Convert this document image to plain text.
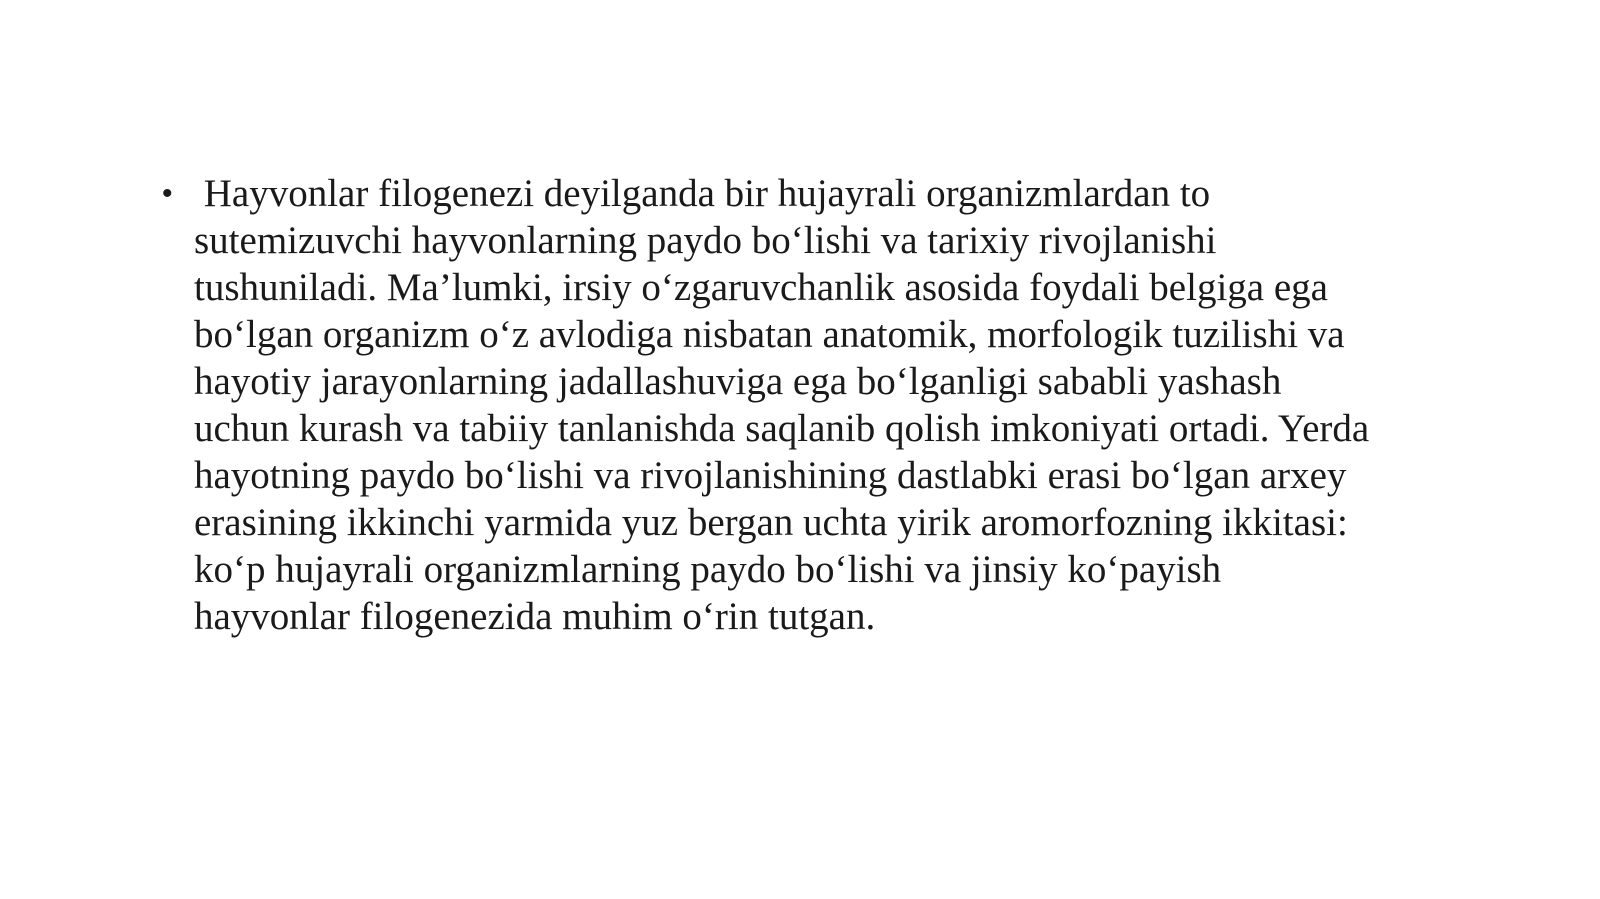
• Hayvonlar filogenezi deyilganda bir hujayrali organizmlardan to
sutemizuvchi hayvonlarning paydo bo‘lishi va tarixiy rivojlanishi
tushuniladi. Ma’lumki, irsiy o‘zgaruvchanlik asosida foydali belgiga ega
bo‘lgan organizm o‘z avlodiga nisbatan anatomik, morfologik tuzilishi va
hayotiy jarayonlarning jadallashuviga ega bo‘lganligi sababli yashash
uchun kurash va tabiiy tanlanishda saqlanib qolish imkoniyati ortadi. Yerda
hayotning paydo bo‘lishi va rivojlanishining dastlabki erasi bo‘lgan arxey
erasining ikkinchi yarmida yuz bergan uchta yirik aromorfozning ikkitasi:
ko‘p hujayrali organizmlarning paydo bo‘lishi va jinsiy ko‘payish
hayvonlar filogenezida muhim o‘rin tutgan.
